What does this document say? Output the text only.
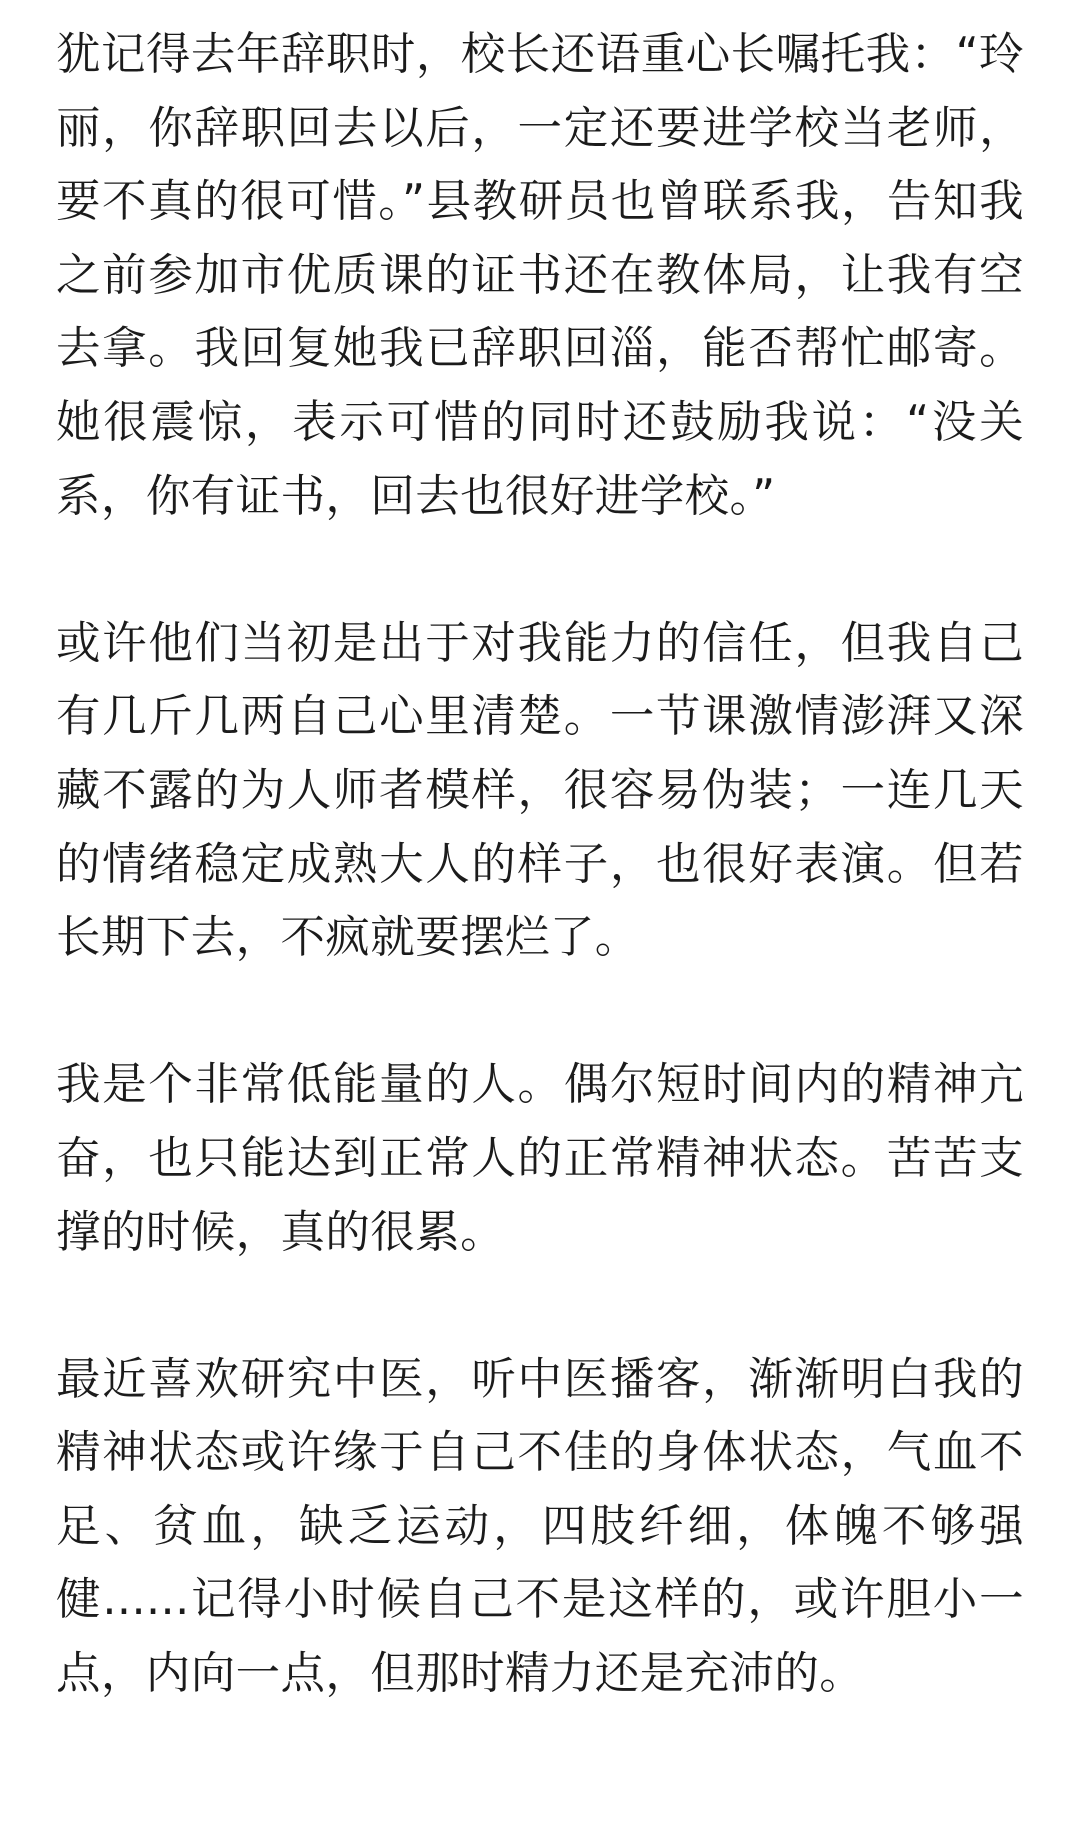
犹记得去年辞职时，校长还语重心长嘱托我：“玲丽，你辞职回去以后，一定还要进学校当老师，要不真的很可惜。”县教研员也曾联系我，告知我之前参加市优质课的证书还在教体局，让我有空去拿。我回复她我已辞职回淄，能否帮忙邮寄。她很震惊，表示可惜的同时还鼓励我说：“没关系，你有证书，回去也很好进学校。”

或许他们当初是出于对我能力的信任，但我自己有几斤几两自己心里清楚。一节课激情澎湃又深藏不露的为人师者模样，很容易伪装；一连几天的情绪稳定成熟大人的样子，也很好表演。但若长期下去，不疯就要摆烂了。

我是个非常低能量的人。偶尔短时间内的精神亢奋，也只能达到正常人的正常精神状态。苦苦支撑的时候，真的很累。

最近喜欢研究中医，听中医播客，渐渐明白我的精神状态或许缘于自己不佳的身体状态，气血不足、贫血，缺乏运动，四肢纤细，体魄不够强健......记得小时候自己不是这样的，或许胆小一点，内向一点，但那时精力还是充沛的。
